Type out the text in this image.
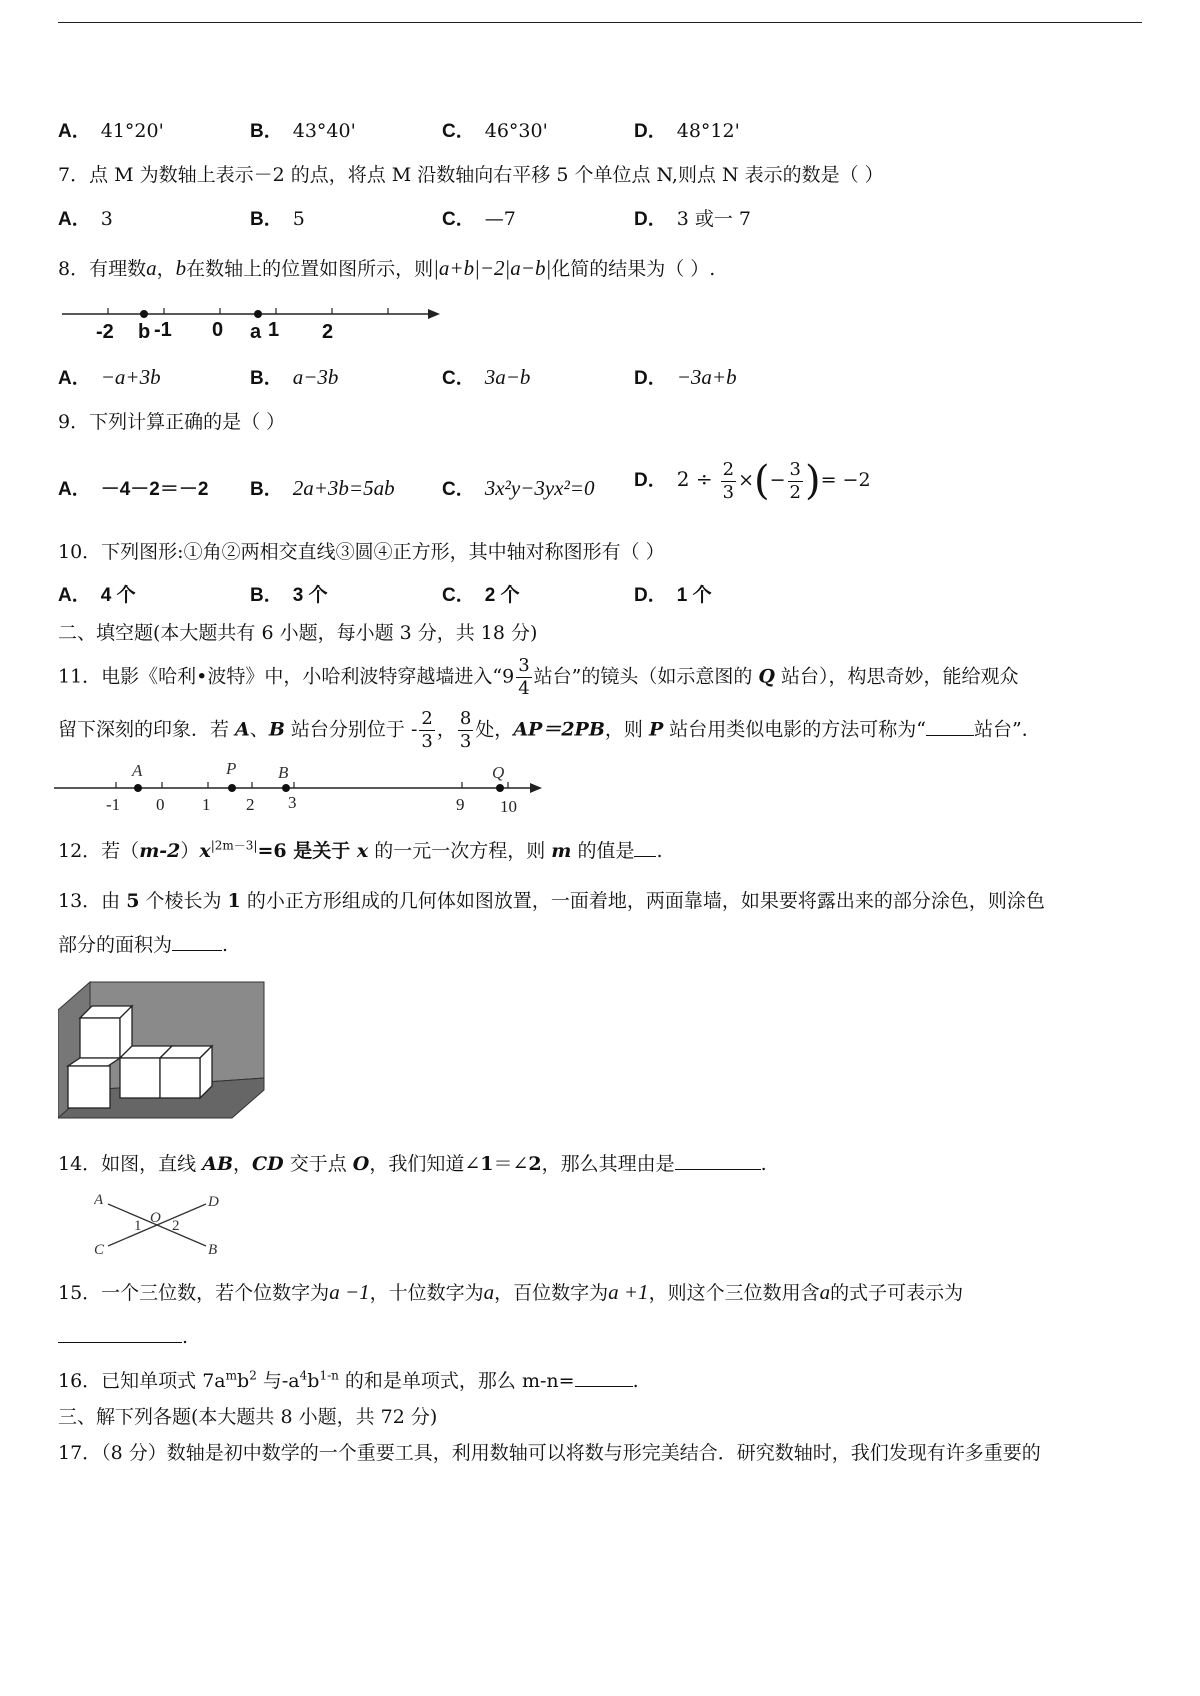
A． 41°20'	B． 43°40'	C． 46°30'	D． 48°12'
7．点 M 为数轴上表示－2 的点，将点 M 沿数轴向右平移 5 个单位点 N,则点 N 表示的数是（ ）
A． 3	B． 5	C． —7	D． 3 或一 7
8．有理数a，b在数轴上的位置如图所示，则|a+b|−2|a−b|化简的结果为（ ）.
-2 b -1 0 a 1 2
A． −a+3b	B． a−3b	C． 3a−b	D． −3a+b
9．下列计算正确的是（ ）
A． －4－2＝－2	B． 2a+3b=5ab C． 3x²y−3yx²=0 D． $2 \div \frac{2}{3}$ ×(− $\frac{3}{2}$ )= −2
10．下列图形:①角②两相交直线③圆④正方形，其中轴对称图形有（ ）
A． 4 个	B． 3 个	C． 2 个	D． 1 个
二、填空题(本大题共有 6 小题，每小题 3 分，共 18 分)
11．电影《哈利•波特》中，小哈利波特穿越墙进入“$9 \frac{3}{4}$ 站台”的镜头（如示意图的 Q 站台），构思奇妙，能给观众
留下深刻的印象．若 A、B 站台分别位于 - $\frac{2}{3}$ ， $\frac{8}{3}$ 处，AP＝2PB，则 P 站台用类似电影的方法可称为“	站台”．
A	P B	Q
-1 0 1 2 3	9 10
12．若$(m-2)x^{|2m-3|}=6$ 是关于 x 的一元一次方程，则 m 的值是 .
13．由 5 个棱长为 1 的小正方形组成的几何体如图放置，一面着地，两面靠墙，如果要将露出来的部分涂色，则涂色
部分的面积为	.
14．如图，直线 AB，CD 交于点 O，我们知道∠1＝∠2，那么其理由是	.
A	D
1 O 2
C	B
15．一个三位数，若个位数字为a −1，十位数字为a，百位数字为a +1，则这个三位数用含a的式子可表示为
.
16．已知单项式 $7a^mb^2$ 与$-a^4b^{1-n}$ 的和是单项式，那么 m-n=	.
三、解下列各题(本大题共 8 小题，共 72 分)
17．（8 分）数轴是初中数学的一个重要工具，利用数轴可以将数与形完美结合．研究数轴时，我们发现有许多重要的
